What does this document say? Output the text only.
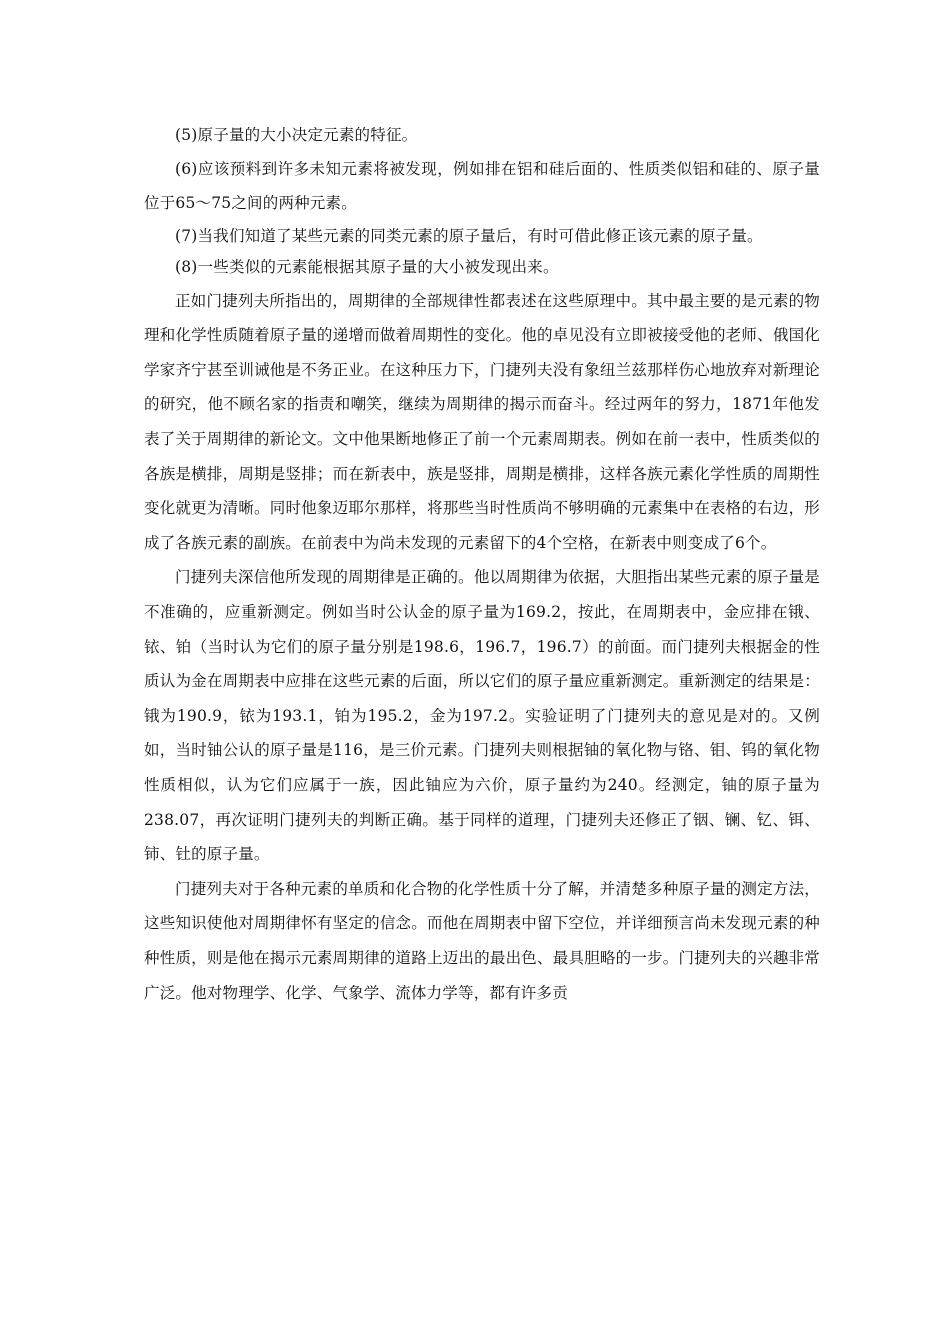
(5)原子量的大小决定元素的特征。

(6)应该预料到许多未知元素将被发现，例如排在铝和硅后面的、性质类似铝和硅的、原子量位于65～75之间的两种元素。

(7)当我们知道了某些元素的同类元素的原子量后，有时可借此修正该元素的原子量。

(8)一些类似的元素能根据其原子量的大小被发现出来。

正如门捷列夫所指出的，周期律的全部规律性都表述在这些原理中。其中最主要的是元素的物理和化学性质随着原子量的递增而做着周期性的变化。他的卓见没有立即被接受他的老师、俄国化学家齐宁甚至训诫他是不务正业。在这种压力下，门捷列夫没有象纽兰兹那样伤心地放弃对新理论的研究，他不顾名家的指责和嘲笑，继续为周期律的揭示而奋斗。经过两年的努力，1871年他发表了关于周期律的新论文。文中他果断地修正了前一个元素周期表。例如在前一表中，性质类似的各族是横排，周期是竖排；而在新表中，族是竖排，周期是横排，这样各族元素化学性质的周期性变化就更为清晰。同时他象迈耶尔那样，将那些当时性质尚不够明确的元素集中在表格的右边，形成了各族元素的副族。在前表中为尚未发现的元素留下的4个空格，在新表中则变成了6个。

门捷列夫深信他所发现的周期律是正确的。他以周期律为依据，大胆指出某些元素的原子量是不准确的，应重新测定。例如当时公认金的原子量为169.2，按此，在周期表中，金应排在锇、铱、铂（当时认为它们的原子量分别是198.6，196.7，196.7）的前面。而门捷列夫根据金的性质认为金在周期表中应排在这些元素的后面，所以它们的原子量应重新测定。重新测定的结果是：锇为190.9，铱为193.1，铂为195.2，金为197.2。实验证明了门捷列夫的意见是对的。又例如，当时铀公认的原子量是116，是三价元素。门捷列夫则根据铀的氧化物与铬、钼、钨的氧化物性质相似，认为它们应属于一族，因此铀应为六价，原子量约为240。经测定，铀的原子量为238.07，再次证明门捷列夫的判断正确。基于同样的道理，门捷列夫还修正了铟、镧、钇、铒、铈、钍的原子量。

门捷列夫对于各种元素的单质和化合物的化学性质十分了解，并清楚多种原子量的测定方法，这些知识使他对周期律怀有坚定的信念。而他在周期表中留下空位，并详细预言尚未发现元素的种种性质，则是他在揭示元素周期律的道路上迈出的最出色、最具胆略的一步。门捷列夫的兴趣非常广泛。他对物理学、化学、气象学、流体力学等，都有许多贡
